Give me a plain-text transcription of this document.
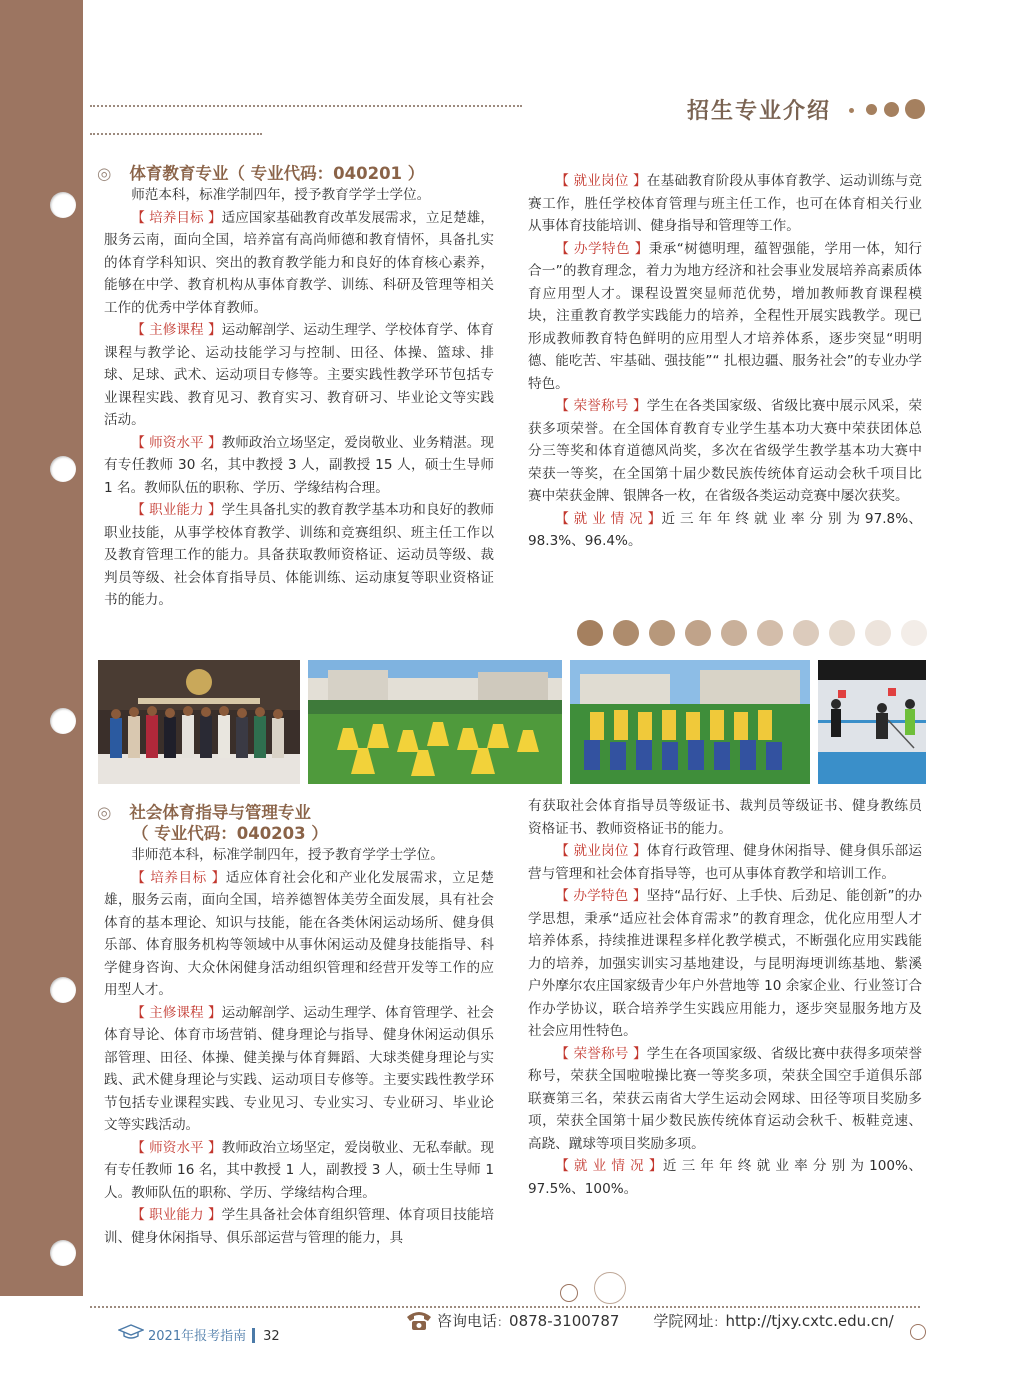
招生专业介绍
◎ 体育教育专业（ 专业代码：040201 ）

师范本科，标准学制四年，授予教育学学士学位。

【 培养目标 】适应国家基础教育改革发展需求，立足楚雄，服务云南，面向全国，培养富有高尚师德和教育情怀，具备扎实的体育学科知识、突出的教育教学能力和良好的体育核心素养，能够在中学、教育机构从事体育教学、训练、科研及管理等相关工作的优秀中学体育教师。

【 主修课程 】运动解剖学、运动生理学、学校体育学、体育课程与教学论、运动技能学习与控制、田径、体操、篮球、排球、足球、武术、运动项目专修等。主要实践性教学环节包括专业课程实践、教育见习、教育实习、教育研习、毕业论文等实践活动。

【 师资水平 】教师政治立场坚定，爱岗敬业、业务精湛。现有专任教师 30 名，其中教授 3 人，副教授 15 人，硕士生导师 1 名。教师队伍的职称、学历、学缘结构合理。

【 职业能力 】学生具备扎实的教育教学基本功和良好的教师职业技能，从事学校体育教学、训练和竞赛组织、班主任工作以及教育管理工作的能力。具备获取教师资格证、运动员等级、裁判员等级、社会体育指导员、体能训练、运动康复等职业资格证书的能力。

【 就业岗位 】在基础教育阶段从事体育教学、运动训练与竞赛工作，胜任学校体育管理与班主任工作，也可在体育相关行业从事体育技能培训、健身指导和管理等工作。

【 办学特色 】秉承“树德明理，蕴智强能，学用一体，知行合一”的教育理念，着力为地方经济和社会事业发展培养高素质体育应用型人才。课程设置突显师范优势，增加教师教育课程模块，注重教育教学实践能力的培养，全程性开展实践教学。现已形成教师教育特色鲜明的应用型人才培养体系，逐步突显“明明德、能吃苦、牢基础、强技能”“ 扎根边疆、服务社会”的专业办学特色。

【 荣誉称号 】学生在各类国家级、省级比赛中展示风采，荣获多项荣誉。在全国体育教育专业学生基本功大赛中荣获团体总分三等奖和体育道德风尚奖，多次在省级学生教学基本功大赛中荣获一等奖，在全国第十届少数民族传统体育运动会秋千项目比赛中荣获金牌、银牌各一枚，在省级各类运动竞赛中屡次获奖。

【 就 业 情 况 】近 三 年 年 终 就 业 率 分 别 为 97.8%、98.3%、96.4%。

◎ 社会体育指导与管理专业
（ 专业代码：040203 ）

非师范本科，标准学制四年，授予教育学学士学位。

【 培养目标 】适应体育社会化和产业化发展需求，立足楚雄，服务云南，面向全国，培养德智体美劳全面发展，具有社会体育的基本理论、知识与技能，能在各类休闲运动场所、健身俱乐部、体育服务机构等领域中从事休闲运动及健身技能指导、科学健身咨询、大众休闲健身活动组织管理和经营开发等工作的应用型人才。

【 主修课程 】运动解剖学、运动生理学、体育管理学、社会体育导论、体育市场营销、健身理论与指导、健身休闲运动俱乐部管理、田径、体操、健美操与体育舞蹈、大球类健身理论与实践、武术健身理论与实践、运动项目专修等。主要实践性教学环节包括专业课程实践、专业见习、专业实习、专业研习、毕业论文等实践活动。

【 师资水平 】教师政治立场坚定，爱岗敬业、无私奉献。现有专任教师 16 名，其中教授 1 人，副教授 3 人，硕士生导师 1 人。教师队伍的职称、学历、学缘结构合理。

【 职业能力 】学生具备社会体育组织管理、体育项目技能培训、健身休闲指导、俱乐部运营与管理的能力，具

有获取社会体育指导员等级证书、裁判员等级证书、健身教练员资格证书、教师资格证书的能力。

【 就业岗位 】体育行政管理、健身休闲指导、健身俱乐部运营与管理和社会体育指导等，也可从事体育教学和培训工作。

【 办学特色 】坚持“品行好、上手快、后劲足、能创新”的办学思想，秉承“适应社会体育需求”的教育理念，优化应用型人才培养体系，持续推进课程多样化教学模式，不断强化应用实践能力的培养，加强实训实习基地建设，与昆明海埂训练基地、紫溪户外摩尔农庄国家级青少年户外营地等 10 余家企业、行业签订合作办学协议，联合培养学生实践应用能力，逐步突显服务地方及社会应用性特色。

【 荣誉称号 】学生在各项国家级、省级比赛中获得多项荣誉称号，荣获全国啦啦操比赛一等奖多项，荣获全国空手道俱乐部联赛第三名，荣获云南省大学生运动会网球、田径等项目奖励多项，荣获全国第十届少数民族传统体育运动会秋千、板鞋竞速、高跷、蹴球等项目奖励多项。

【 就 业 情 况 】近 三 年 年 终 就 业 率 分 别 为 100%、97.5%、100%。

2021年报考指南 32
咨询电话：0878-3100787 学院网址：http://tjxy.cxtc.edu.cn/
